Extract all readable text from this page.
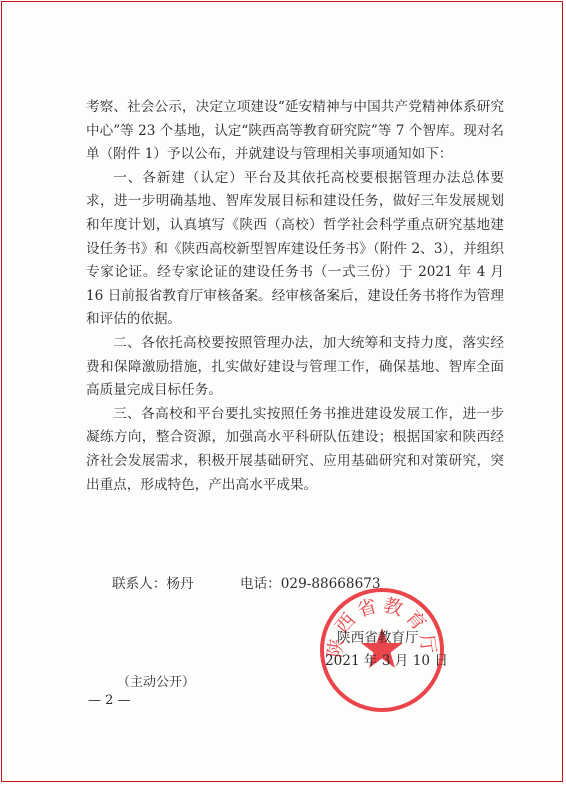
考察、社会公示，决定立项建设“延安精神与中国共产党精神体系研究中心”等 23 个基地，认定“陕西高等教育研究院”等 7 个智库。现对名单（附件 1）予以公布，并就建设与管理相关事项通知如下：

一、各新建（认定）平台及其依托高校要根据管理办法总体要求，进一步明确基地、智库发展目标和建设任务，做好三年发展规划和年度计划，认真填写《陕西（高校）哲学社会科学重点研究基地建设任务书》和《陕西高校新型智库建设任务书》（附件 2、3），并组织专家论证。经专家论证的建设任务书（一式三份）于 2021 年 4 月 16 日前报省教育厅审核备案。经审核备案后，建设任务书将作为管理和评估的依据。

二、各依托高校要按照管理办法，加大统筹和支持力度，落实经费和保障激励措施，扎实做好建设与管理工作，确保基地、智库全面高质量完成目标任务。

三、各高校和平台要扎实按照任务书推进建设发展工作，进一步凝练方向，整合资源，加强高水平科研队伍建设；根据国家和陕西经济社会发展需求，积极开展基础研究、应用基础研究和对策研究，突出重点，形成特色，产出高水平成果。

联系人：杨丹	电话：029-88668673
陕西省教育厅
陕西省教育厅
2021 年 3 月 10 日
（主动公开）
— 2 —
